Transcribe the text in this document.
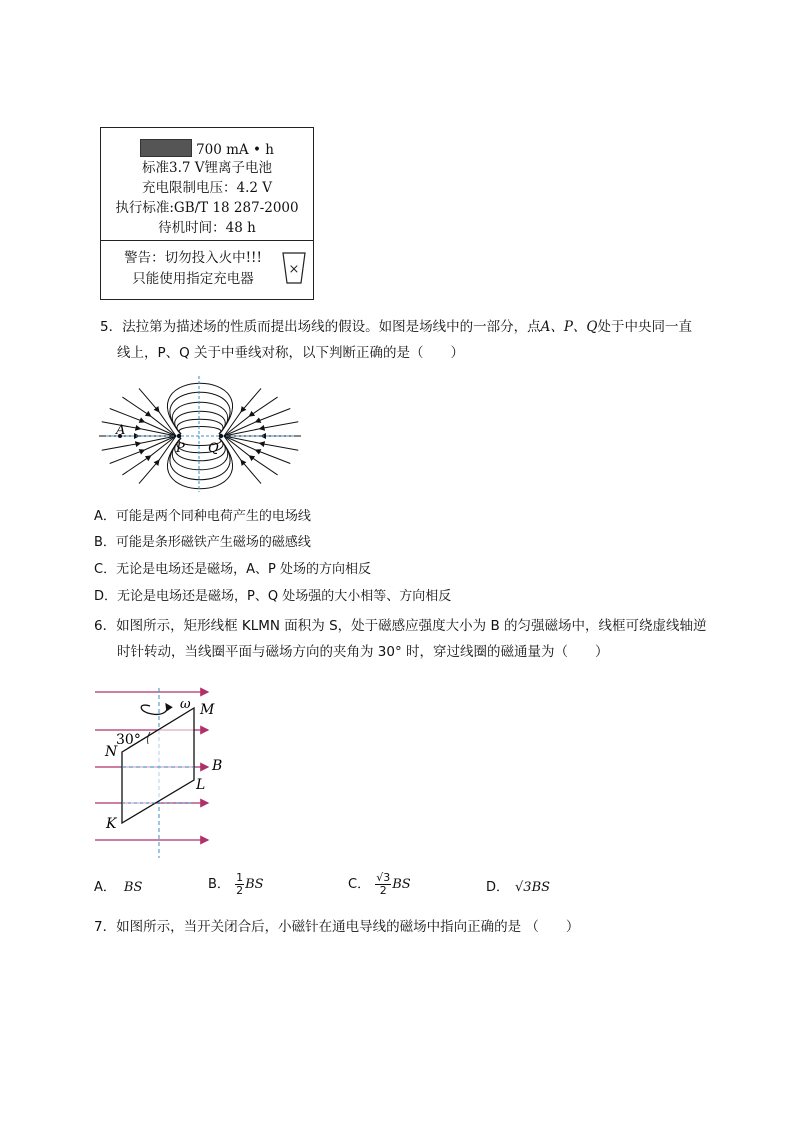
700 mA • h
标准3.7 V锂离子电池
充电限制电压：4.2 V
执行标准:GB/T 18 287-2000
待机时间：48 h
警告：切勿投入火中!!!
只能使用指定充电器
×
5．法拉第为描述场的性质而提出场线的假设。如图是场线中的一部分，点A、P、Q处于中央同一直
线上，P、Q 关于中垂线对称，以下判断正确的是（　　）
A
P Q
A．可能是两个同种电荷产生的电场线
B．可能是条形磁铁产生磁场的磁感线
C．无论是电场还是磁场，A、P 处场的方向相反
D．无论是电场还是磁场，P、Q 处场强的大小相等、方向相反
6．如图所示，矩形线框 KLMN 面积为 S，处于磁感应强度大小为 B 的匀强磁场中，线框可绕虚线轴逆
时针转动，当线圈平面与磁场方向的夹角为 30° 时，穿过线圈的磁通量为（　　）
ω M
30°
N
B
L
K
A． BS	B． $\frac{1}{2}$ BS	C． $\frac{√3}{2}$ BS	D． √3BS
7．如图所示，当开关闭合后，小磁针在通电导线的磁场中指向正确的是 （　　）
